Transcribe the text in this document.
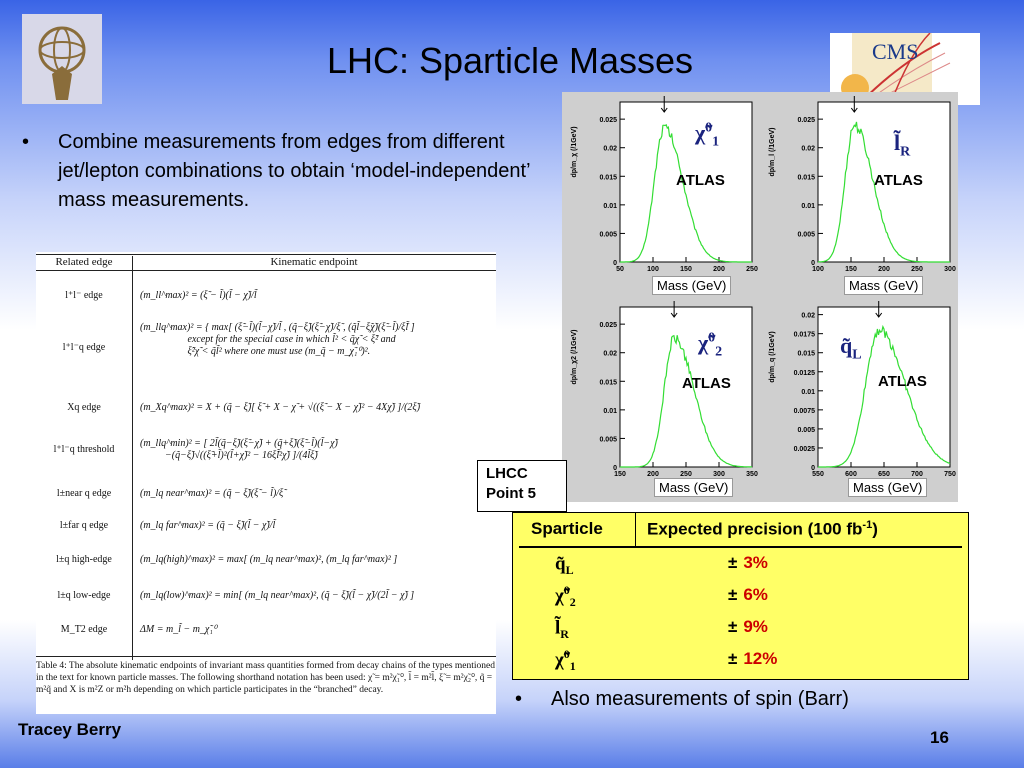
LHC: Sparticle Masses	CMS
• Combine measurements from edges from different jet/lepton combinations to obtain ‘model-independent’ mass measurements.
Related edge	Kinematic endpoint
l⁺l⁻ edge	(m_ll^max)² = (ξ̃ − l̃)(l̃ − χ̃)/l̃
l⁺l⁻q edge
(m_llq^max)² = { max[ (ξ̃−l̃)(l̃−χ̃)/l̃ , (q̃−ξ̃)(ξ̃−χ̃)/ξ̃ , (q̃l̃−ξ̃χ̃)(ξ̃−l̃)/ξ̃l̃ ]
except for the special case in which l̃² < q̃χ̃ < ξ̃² and
ξ̃²χ̃ < q̃l̃² where one must use (m_q̃ − m_χ̃₁⁰)².
Xq edge	(m_Xq^max)² = X + (q̃ − ξ̃)[ ξ̃ + X − χ̃ + √((ξ̃ − X − χ̃)² − 4Xχ̃) ]/(2ξ̃)
l⁺l⁻q threshold
(m_llq^min)² = [ 2l̃(q̃−ξ̃)(ξ̃−χ̃) + (q̃+ξ̃)(ξ̃−l̃)(l̃−χ̃)
−(q̃−ξ̃)√((ξ̃+l̃)²(l̃+χ̃)² − 16ξ̃l̃²χ̃) ]/(4l̃ξ̃)
l±near q edge	(m_lq near^max)² = (q̃ − ξ̃)(ξ̃ − l̃)/ξ̃
l±far q edge	(m_lq far^max)² = (q̃ − ξ̃)(l̃ − χ̃)/l̃
l±q high-edge	(m_lq(high)^max)² = max[ (m_lq near^max)², (m_lq far^max)² ]
l±q low-edge	(m_lq(low)^max)² = min[ (m_lq near^max)², (q̃ − ξ̃)(l̃ − χ̃)/(2l̃ − χ̃) ]
M_T2 edge	ΔM = m_l̃ − m_χ̃₁⁰
Table 4: The absolute kinematic endpoints of invariant mass quantities formed from decay chains of the types mentioned in the text for known particle masses. The following shorthand notation has been used: χ̃ = m²χ̃₁⁰, l̃ = m²l̃, ξ̃ = m²χ̃₂⁰, q̃ = m²q̃ and X is m²Z or m²h depending on which particle participates in the “branched” decay.
0
0.005
0.01
0.015
0.02
0.025
50	100	150	200	250
dp/m_χ (/1GeV)	χ̃$^0_1$
ATLAS
Mass (GeV)
0
0.005
0.01
0.015
0.02
0.025
100	150	200	250	300
dp/m_l (/1GeV)	$l̃_R$
ATLAS
Mass (GeV)
0
0.005
0.01
0.015
0.02
0.025
150	200	250	300	350
dp/m_χ2 (/1GeV)	χ̃$^0_2$
ATLAS
Mass (GeV)
0
0.0025
0.005
0.0075
0.01
0.0125
0.015
0.0175
0.02
550	600	650	700	750
dp/m_q (/1GeV)	$q̃_L$
ATLAS
Mass (GeV)
LHCC
Point 5
Sparticle	Expected precision (100 $fb^{-1}$)
$q̃_L$	± 3%
χ̃$^0_2$	± 6%
$l̃_R$	± 9%
χ̃$^0_1$	± 12%
• Also measurements of spin (Barr)
Tracey Berry	16
